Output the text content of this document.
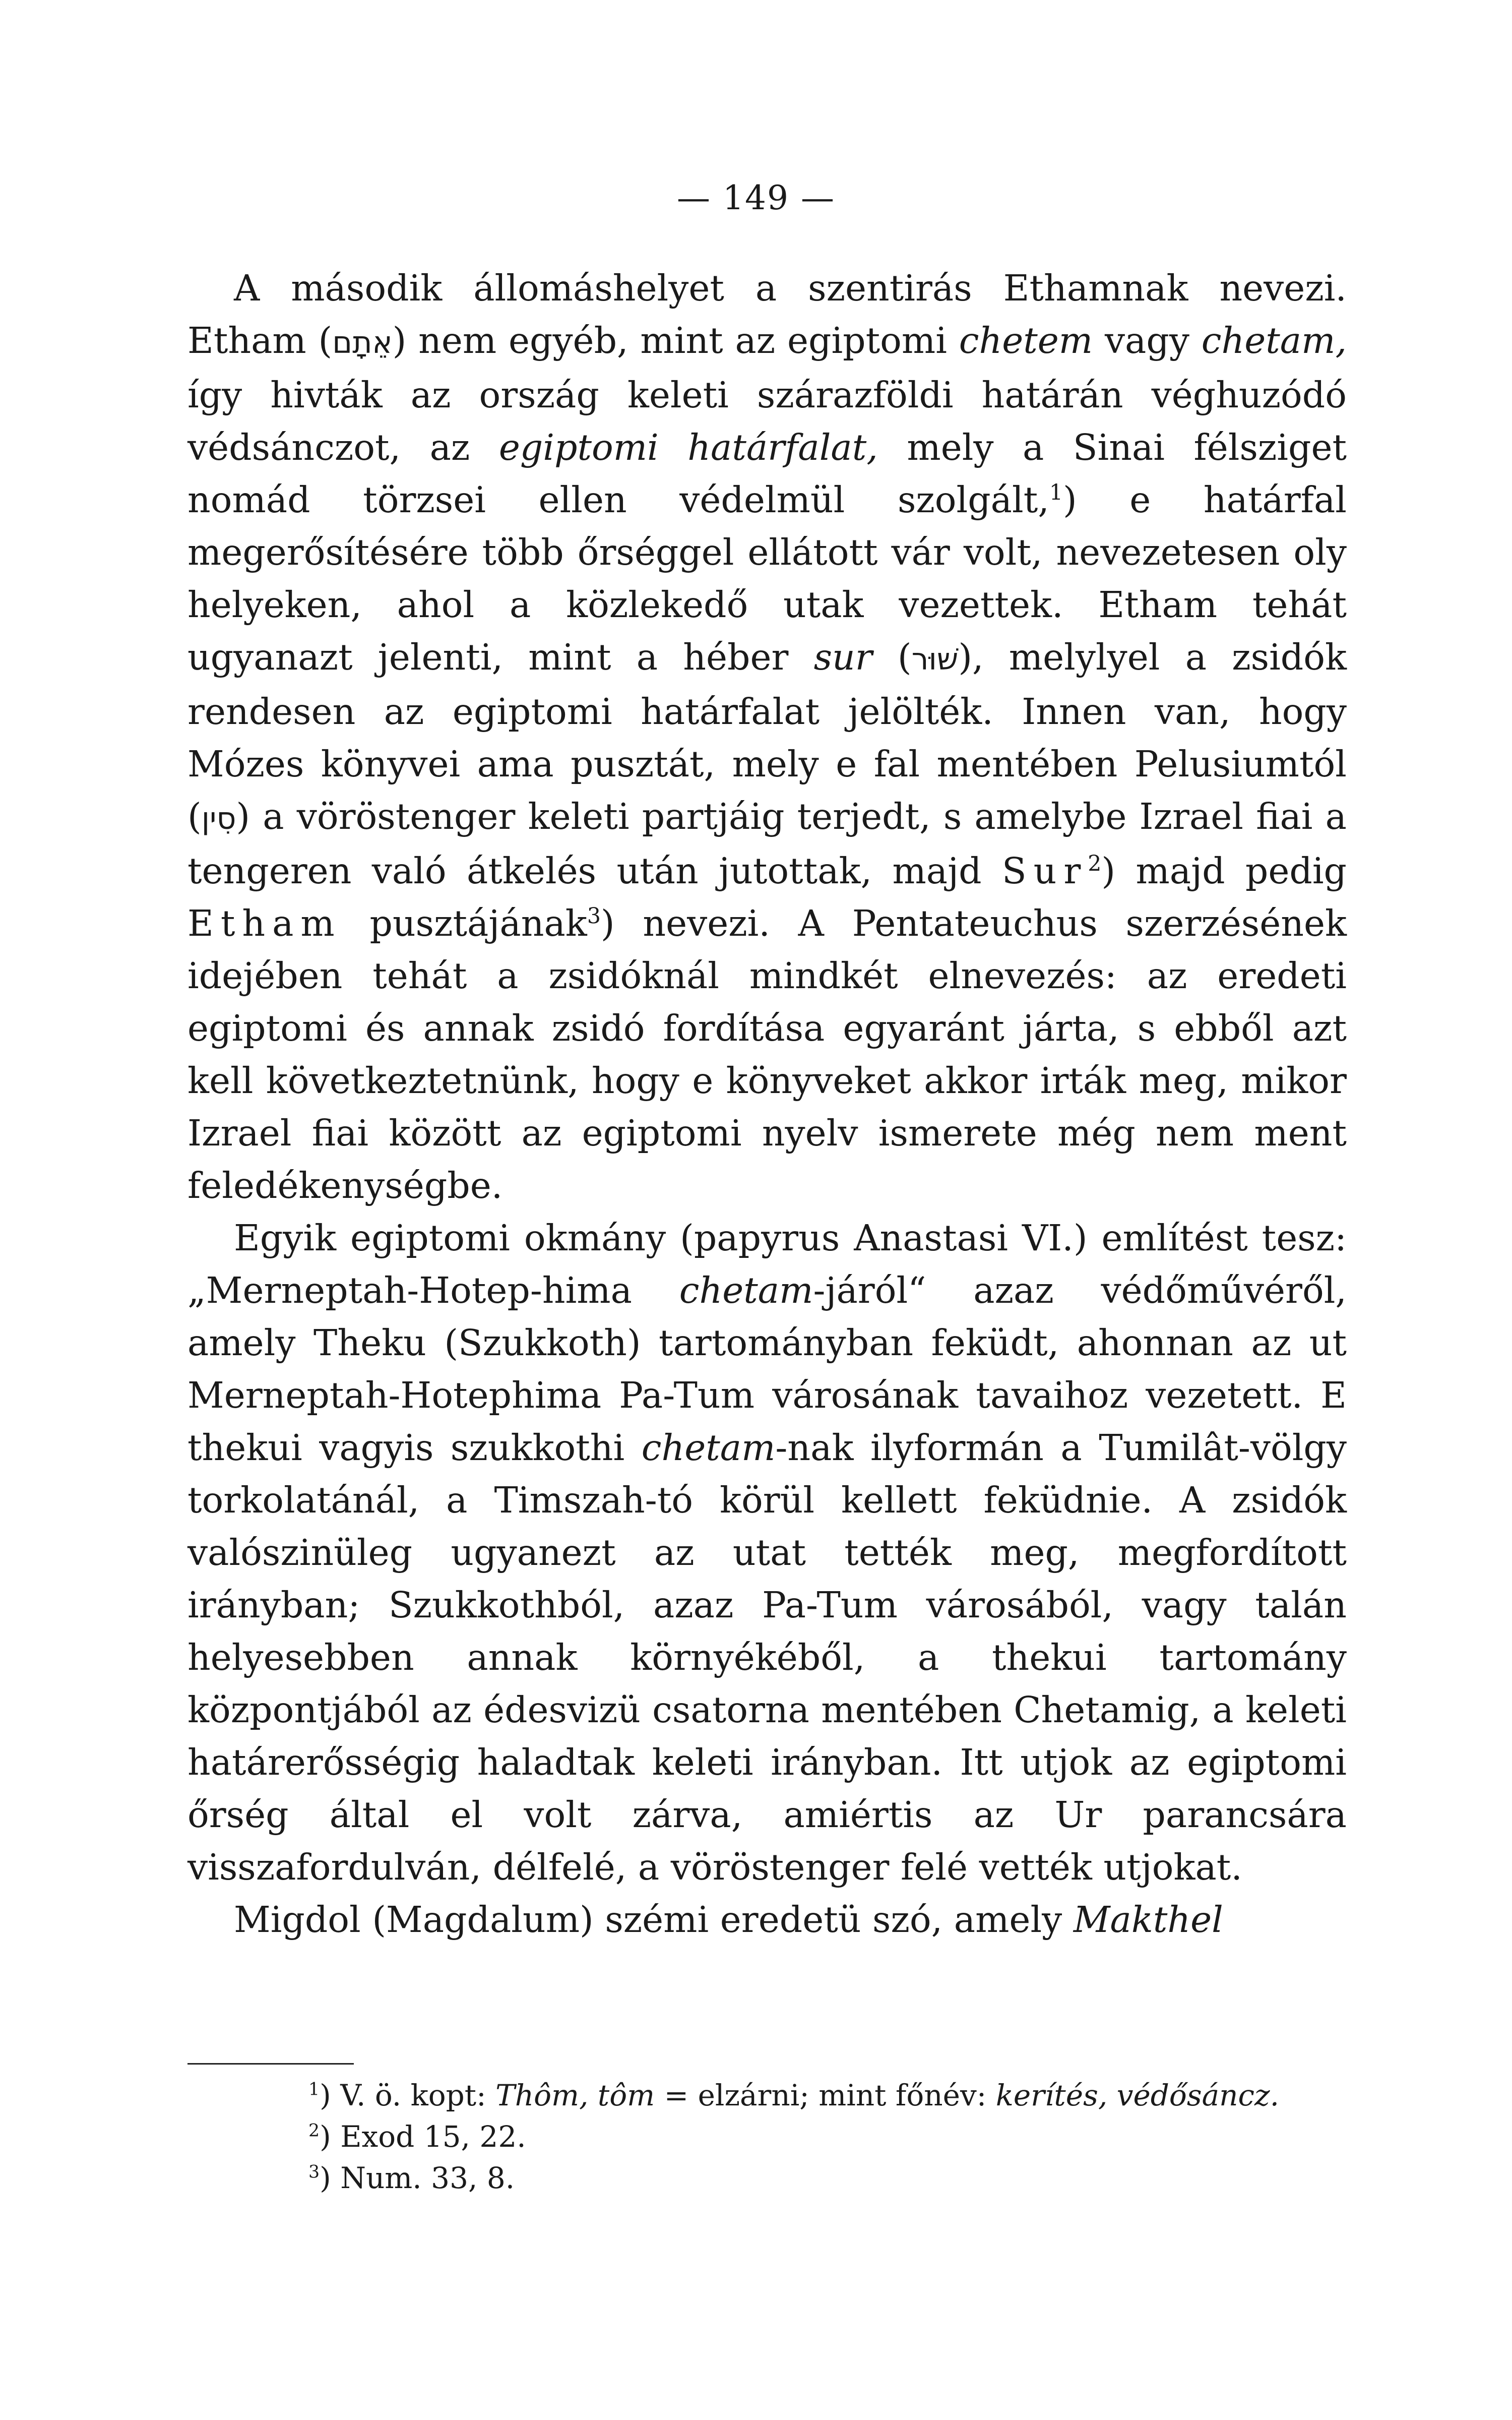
— 149 —

A második állomáshelyet a szentirás Ethamnak nevezi. Etham (אֵתָם) nem egyéb, mint az egiptomi chetem vagy chetam, így hivták az ország keleti szárazföldi határán véghuzódó védsánczot, az egiptomi határfalat, mely a Sinai félsziget nomád törzsei ellen védelmül szolgált,$^1$) e határfal megerősítésére több őrséggel ellátott vár volt, nevezetesen oly helyeken, ahol a közlekedő utak vezettek. Etham tehát ugyanazt jelenti, mint a héber sur (שׁוּר), melylyel a zsidók rendesen az egiptomi határfalat jelölték. Innen van, hogy Mózes könyvei ama pusztát, mely e fal mentében Pelusiumtól (סִין) a vöröstenger keleti partjáig terjedt, s amelybe Izrael fiai a tengeren való átkelés után jutottak, majd Sur$^2$) majd pedig Etham pusztájának$^3$) nevezi. A Pentateuchus szerzésének idejében tehát a zsidóknál mindkét elnevezés: az eredeti egiptomi és annak zsidó fordítása egyaránt járta, s ebből azt kell következtetnünk, hogy e könyveket akkor irták meg, mikor Izrael fiai között az egiptomi nyelv ismerete még nem ment feledékenységbe.

Egyik egiptomi okmány (papyrus Anastasi VI.) említést tesz: „Merneptah-Hotep-hima chetam-járól“ azaz védőművéről, amely Theku (Szukkoth) tartományban feküdt, ahonnan az ut Merneptah-Hotephima Pa-Tum városának tavaihoz vezetett. E thekui vagyis szukkothi chetam-nak ilyformán a Tumilât-völgy torkolatánál, a Timszah-tó körül kellett feküdnie. A zsidók valószinüleg ugyanezt az utat tették meg, megfordított irányban; Szukkothból, azaz Pa-Tum városából, vagy talán helyesebben annak környékéből, a thekui tartomány központjából az édesvizü csatorna mentében Chetamig, a keleti határerősségig haladtak keleti irányban. Itt utjok az egiptomi őrség által el volt zárva, amiértis az Ur parancsára visszafordulván, délfelé, a vöröstenger felé vették utjokat.

Migdol (Magdalum) szémi eredetü szó, amely Makthel

$^1$) V. ö. kopt: Thôm, tôm = elzárni; mint főnév: kerítés, védősáncz.

$^2$) Exod 15, 22.

$^3$) Num. 33, 8.
